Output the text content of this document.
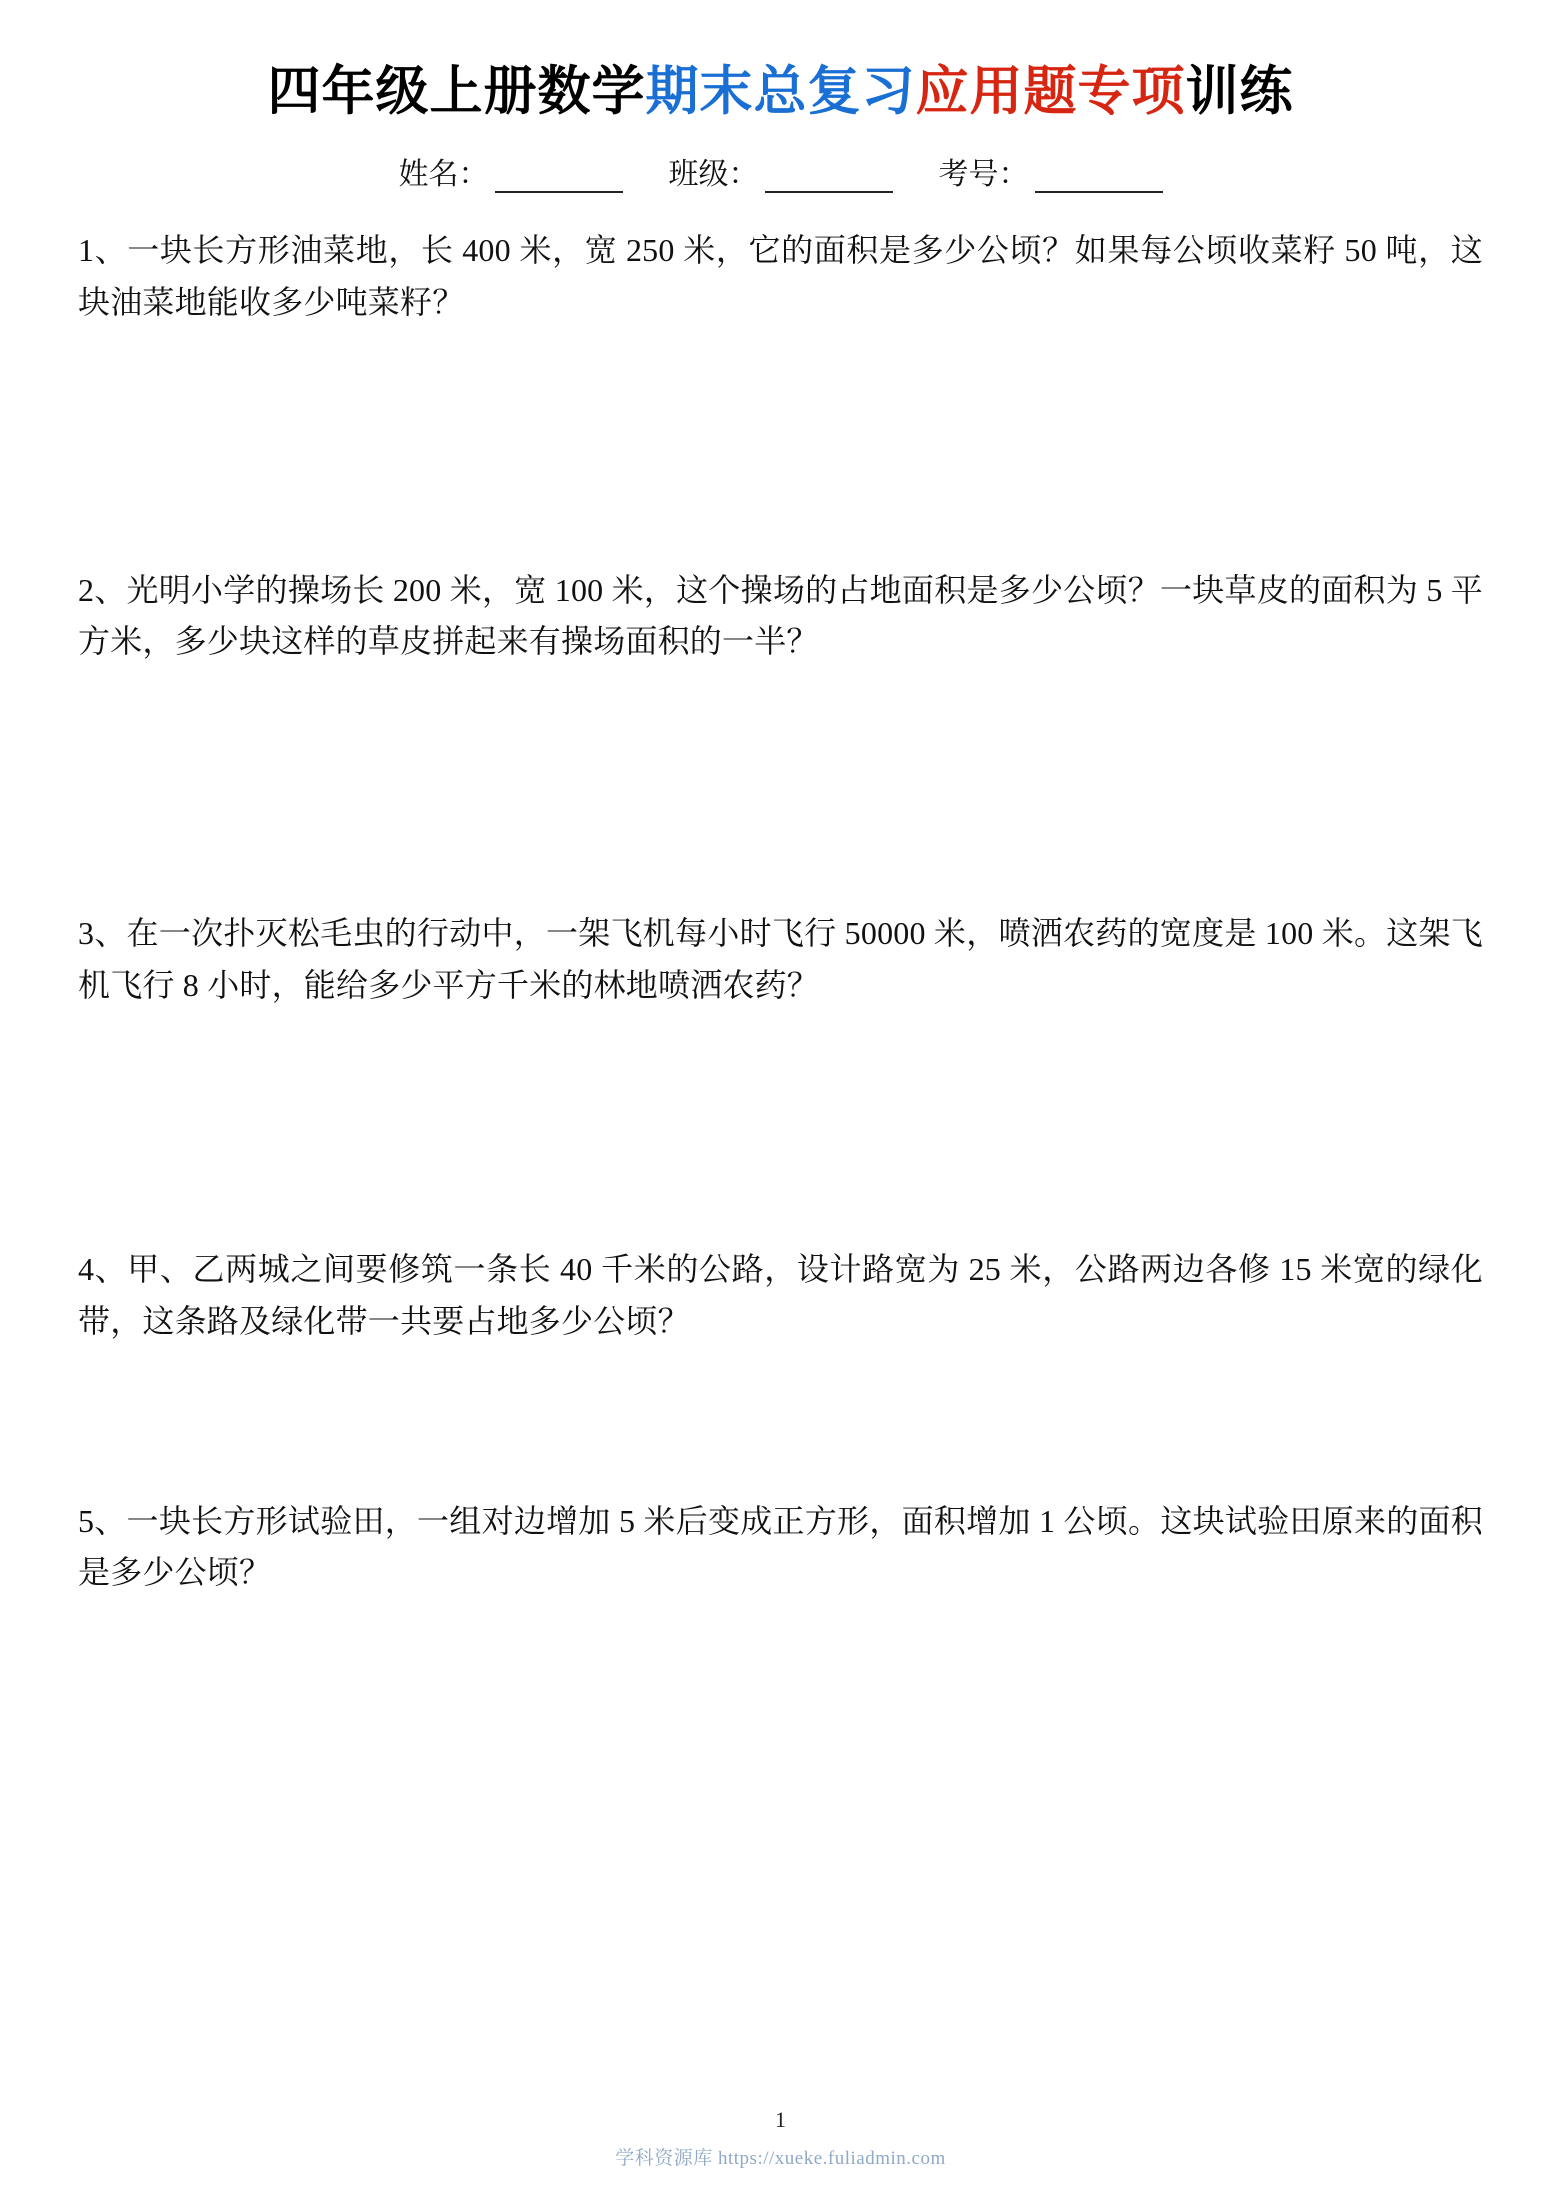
四年级上册数学期末总复习应用题专项训练
姓名：	班级：	考号：

1、一块长方形油菜地，长 400 米，宽 250 米，它的面积是多少公顷？如果每公顷收菜籽 50 吨，这块油菜地能收多少吨菜籽？

2、光明小学的操场长 200 米，宽 100 米，这个操场的占地面积是多少公顷？一块草皮的面积为 5 平方米，多少块这样的草皮拼起来有操场面积的一半？

3、在一次扑灭松毛虫的行动中，一架飞机每小时飞行 50000 米，喷洒农药的宽度是 100 米。这架飞机飞行 8 小时，能给多少平方千米的林地喷洒农药？

4、甲、乙两城之间要修筑一条长 40 千米的公路，设计路宽为 25 米，公路两边各修 15 米宽的绿化带，这条路及绿化带一共要占地多少公顷？

5、一块长方形试验田，一组对边增加 5 米后变成正方形，面积增加 1 公顷。这块试验田原来的面积是多少公顷？

1
学科资源库 https://xueke.fuliadmin.com
